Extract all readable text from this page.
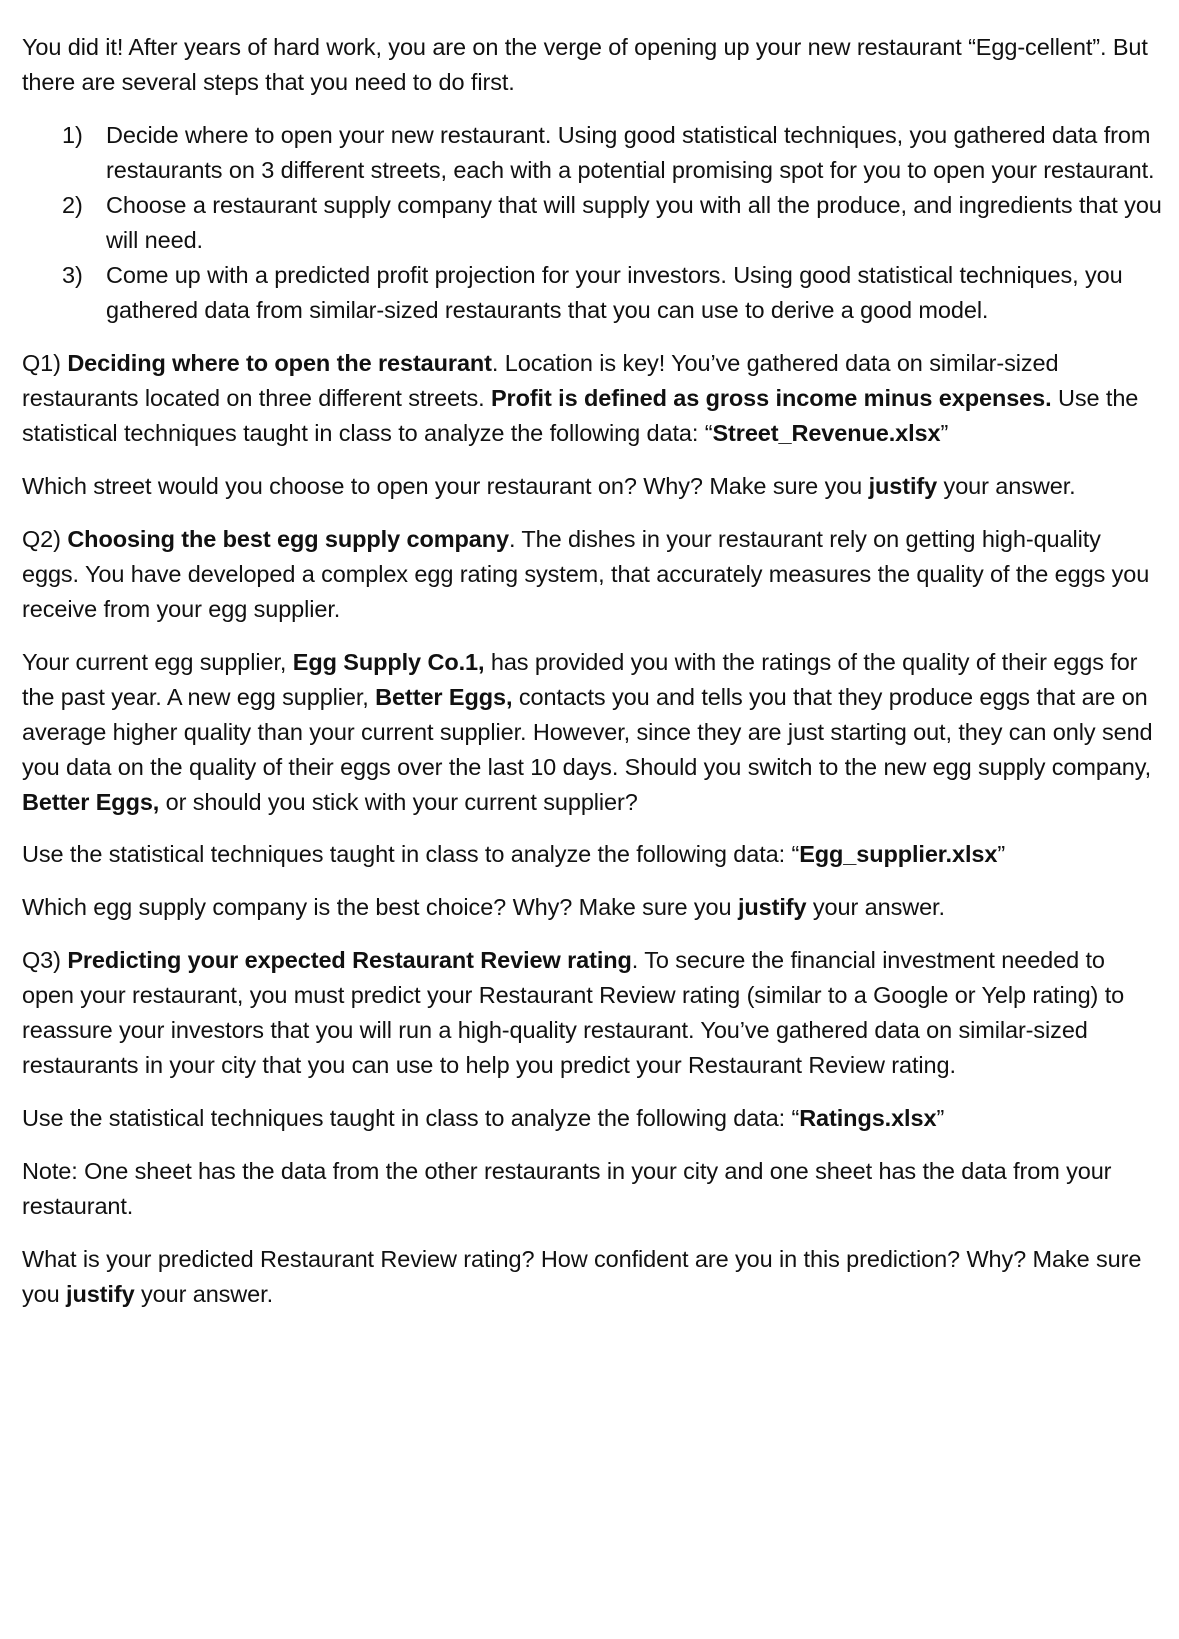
You did it! After years of hard work, you are on the verge of opening up your new restaurant “Egg-cellent”. But there are several steps that you need to do first.

1) Decide where to open your new restaurant. Using good statistical techniques, you gathered data from restaurants on 3 different streets, each with a potential promising spot for you to open your restaurant.
2) Choose a restaurant supply company that will supply you with all the produce, and ingredients that you will need.
3) Come up with a predicted profit projection for your investors. Using good statistical techniques, you gathered data from similar-sized restaurants that you can use to derive a good model.

Q1) Deciding where to open the restaurant. Location is key! You’ve gathered data on similar-sized restaurants located on three different streets. Profit is defined as gross income minus expenses. Use the statistical techniques taught in class to analyze the following data: “Street_Revenue.xlsx”

Which street would you choose to open your restaurant on? Why? Make sure you justify your answer.

Q2) Choosing the best egg supply company. The dishes in your restaurant rely on getting high-quality eggs. You have developed a complex egg rating system, that accurately measures the quality of the eggs you receive from your egg supplier.

Your current egg supplier, Egg Supply Co.1, has provided you with the ratings of the quality of their eggs for the past year. A new egg supplier, Better Eggs, contacts you and tells you that they produce eggs that are on average higher quality than your current supplier. However, since they are just starting out, they can only send you data on the quality of their eggs over the last 10 days. Should you switch to the new egg supply company, Better Eggs, or should you stick with your current supplier?

Use the statistical techniques taught in class to analyze the following data: “Egg_supplier.xlsx”

Which egg supply company is the best choice? Why? Make sure you justify your answer.

Q3) Predicting your expected Restaurant Review rating. To secure the financial investment needed to open your restaurant, you must predict your Restaurant Review rating (similar to a Google or Yelp rating) to reassure your investors that you will run a high-quality restaurant. You’ve gathered data on similar-sized restaurants in your city that you can use to help you predict your Restaurant Review rating.

Use the statistical techniques taught in class to analyze the following data: “Ratings.xlsx”

Note: One sheet has the data from the other restaurants in your city and one sheet has the data from your restaurant.

What is your predicted Restaurant Review rating? How confident are you in this prediction? Why? Make sure you justify your answer.
